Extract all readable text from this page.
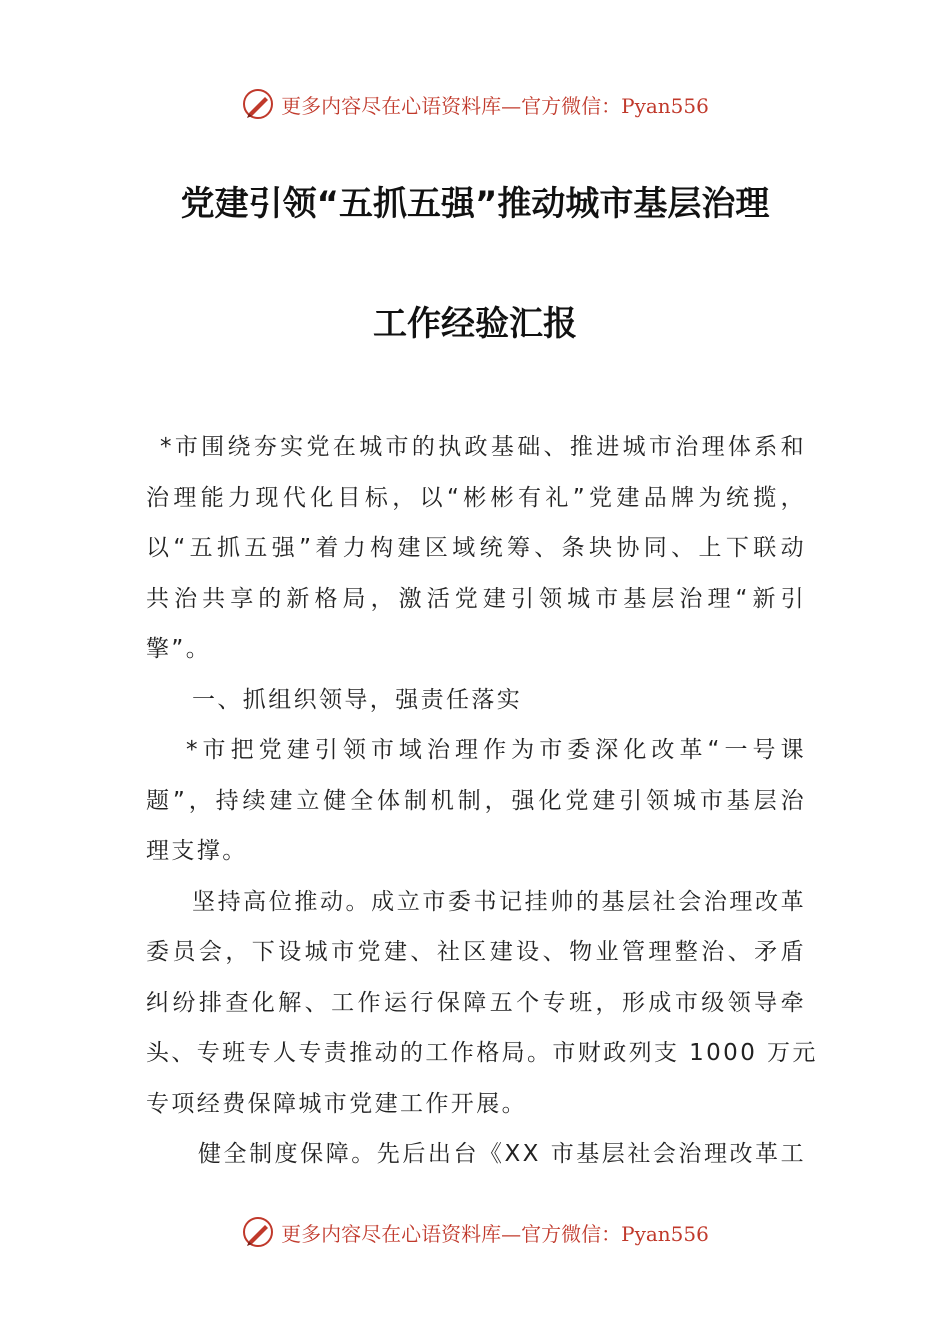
更多内容尽在心语资料库—官方微信：Pyan556
党建引领“五抓五强”推动城市基层治理
工作经验汇报
*市围绕夯实党在城市的执政基础、推进城市治理体系和
治理能力现代化目标，以“彬彬有礼”党建品牌为统揽，
以“五抓五强”着力构建区域统筹、条块协同、上下联动
共治共享的新格局，激活党建引领城市基层治理“新引
擎”。
一、抓组织领导，强责任落实
*市把党建引领市域治理作为市委深化改革“一号课
题”，持续建立健全体制机制，强化党建引领城市基层治
理支撑。
坚持高位推动。成立市委书记挂帅的基层社会治理改革
委员会，下设城市党建、社区建设、物业管理整治、矛盾
纠纷排查化解、工作运行保障五个专班，形成市级领导牵
头、专班专人专责推动的工作格局。市财政列支 1000 万元
专项经费保障城市党建工作开展。
健全制度保障。先后出台《XX 市基层社会治理改革工
更多内容尽在心语资料库—官方微信：Pyan556
